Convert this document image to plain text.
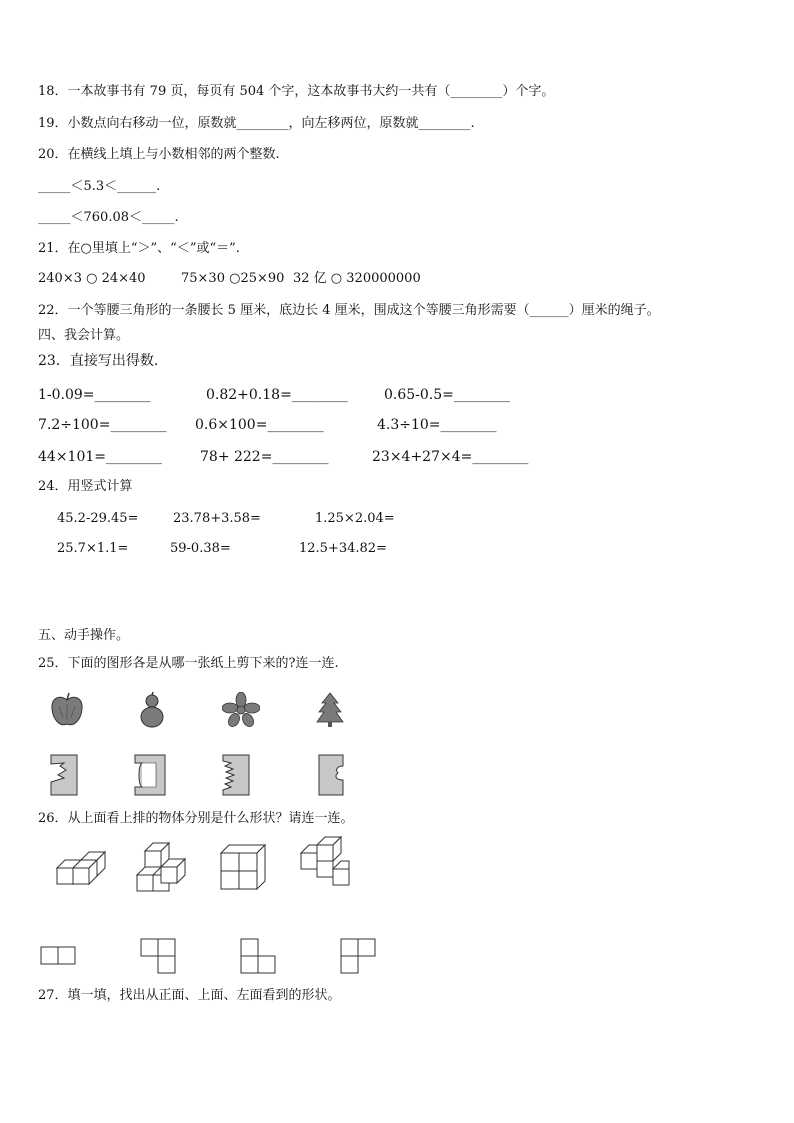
18．一本故事书有 79 页，每页有 504 个字，这本故事书大约一共有（________）个字。
19．小数点向右移动一位，原数就________，向左移两位，原数就________.
20．在横线上填上与小数相邻的两个整数.
_____＜5.3＜______.
_____＜760.08＜_____.
21．在○里填上“＞”、“＜”或“＝”.
240×3 ○ 24×40	75×30 ○25×90 32 亿 ○ 320000000
22．一个等腰三角形的一条腰长 5 厘米，底边长 4 厘米，围成这个等腰三角形需要（______）厘米的绳子。
四、我会计算。
23．直接写出得数.
1-0.09=________	0.82+0.18=________	0.65-0.5=________
7.2÷100=________ 0.6×100=________	4.3÷10=________
44×101=________	78+ 222=________	23×4+27×4=________
24．用竖式计算
45.2-29.45=	23.78+3.58=	1.25×2.04=
25.7×1.1=	59-0.38=	12.5+34.82=
五、动手操作。
25．下面的图形各是从哪一张纸上剪下来的?连一连.
26．从上面看上排的物体分别是什么形状？请连一连。
27．填一填，找出从正面、上面、左面看到的形状。
